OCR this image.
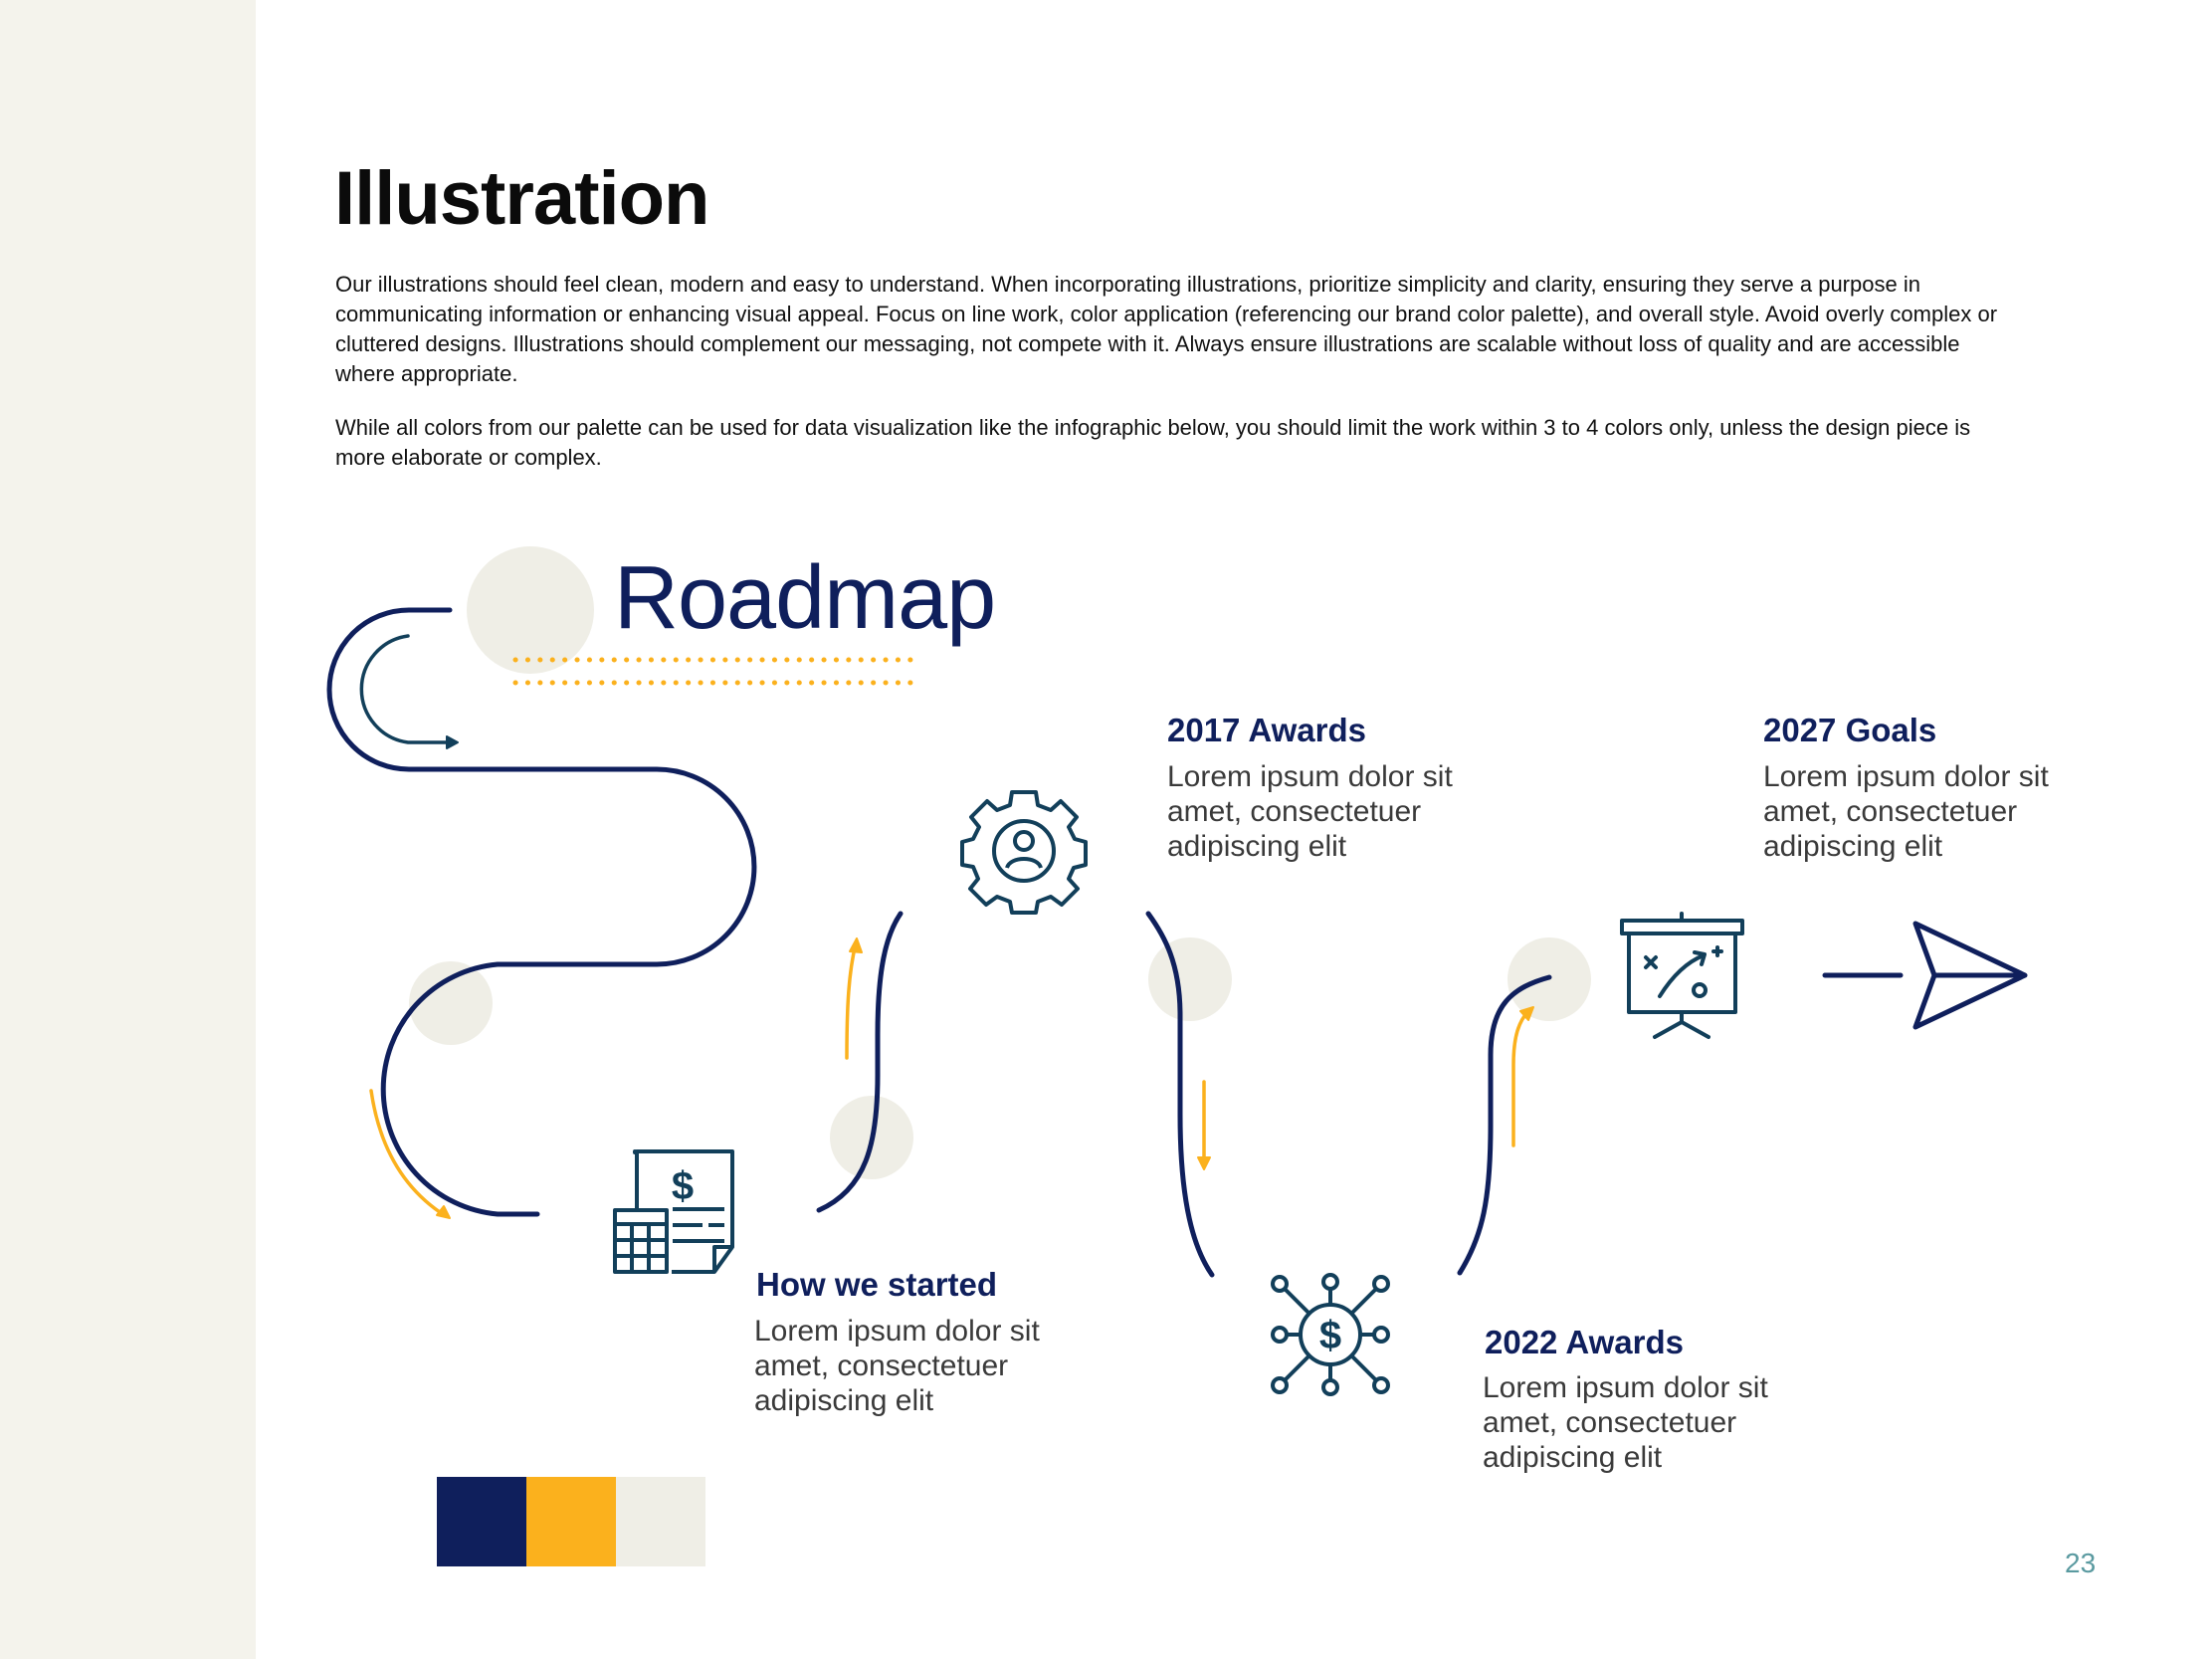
Illustration
Our illustrations should feel clean, modern and easy to understand. When incorporating illustrations, prioritize simplicity and clarity, ensuring they serve a purpose in communicating information or enhancing visual appeal. Focus on line work, color application (referencing our brand color palette), and overall style. Avoid overly complex or cluttered designs. Illustrations should complement our messaging, not compete with it. Always ensure illustrations are scalable without loss of quality and are accessible where appropriate.
While all colors from our palette can be used for data visualization like the infographic below, you should limit the work within 3 to 4 colors only, unless the design piece is more elaborate or complex.
$
$
Roadmap
2017 Awards
Lorem ipsum dolor sit amet, consectetuer adipiscing elit
2027 Goals
Lorem ipsum dolor sit amet, consectetuer adipiscing elit
How we started
Lorem ipsum dolor sit amet, consectetuer adipiscing elit
2022 Awards
Lorem ipsum dolor sit amet, consectetuer adipiscing elit
23
